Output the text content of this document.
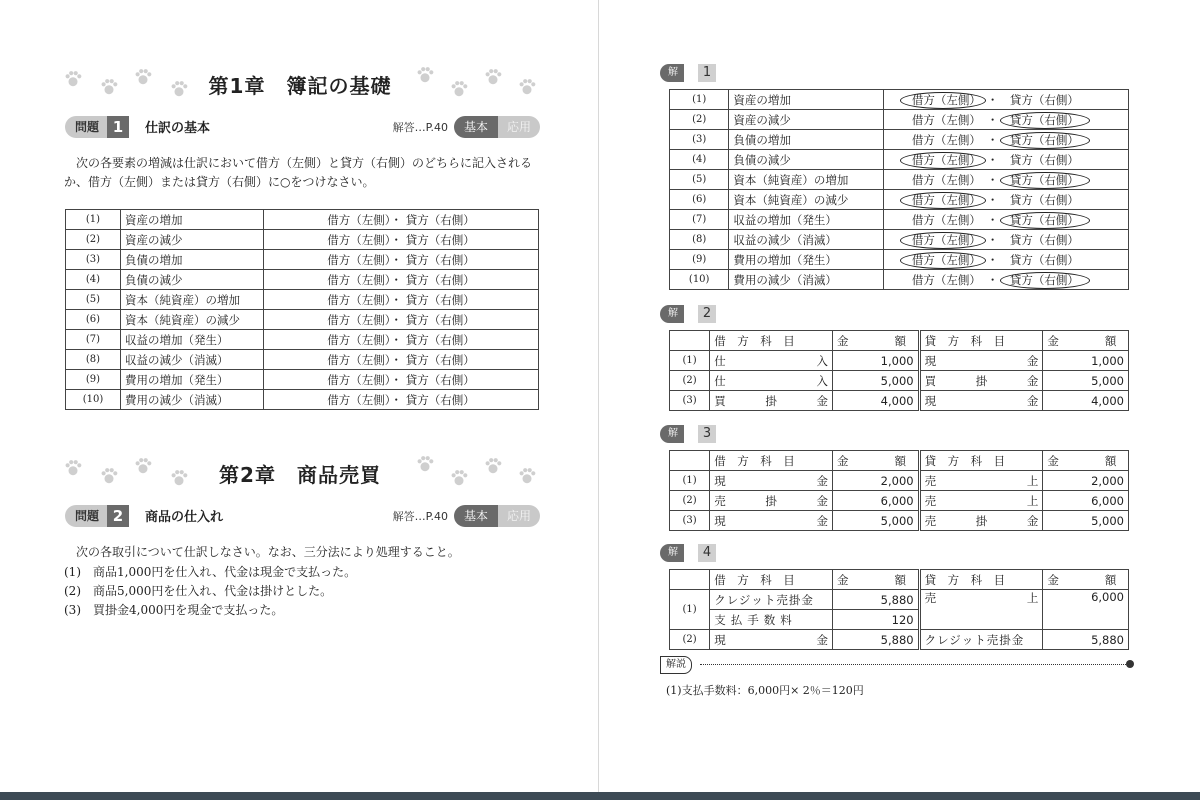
第1章　簿記の基礎
問題 1	仕訳の基本	解答…P.40	基本	応用
次の各要素の増減は仕訳において借方（左側）と貸方（右側）のどちらに記入されるか、借方（左側）または貸方（右側）に○をつけなさい。
(1)	資産の増加	借方（左側）・ 貸方（右側）
(2)	資産の減少	借方（左側）・ 貸方（右側）
(3)	負債の増加	借方（左側）・ 貸方（右側）
(4)	負債の減少	借方（左側）・ 貸方（右側）
(5)	資本（純資産）の増加	借方（左側）・ 貸方（右側）
(6)	資本（純資産）の減少	借方（左側）・ 貸方（右側）
(7)	収益の増加（発生）	借方（左側）・ 貸方（右側）
(8)	収益の減少（消滅）	借方（左側）・ 貸方（右側）
(9)	費用の増加（発生）	借方（左側）・ 貸方（右側）
(10)	費用の減少（消滅）	借方（左側）・ 貸方（右側）
第2章　商品売買
問題 2	商品の仕入れ	解答…P.40	基本	応用
次の各取引について仕訳しなさい。なお、三分法により処理すること。
(1)　商品1,000円を仕入れ、代金は現金で支払った。
(2)　商品5,000円を仕入れ、代金は掛けとした。
(3)　買掛金4,000円を現金で支払った。
解答
1
(1)	資産の増加	借方（左側） ・ 貸方（右側）

(2)	資産の減少	借方（左側） ・ 貸方（右側）

(3)	負債の増加	借方（左側） ・ 貸方（右側）

(4)	負債の減少	借方（左側） ・ 貸方（右側）

(5)	資本（純資産）の増加	借方（左側） ・ 貸方（右側）

(6)	資本（純資産）の減少	借方（左側） ・ 貸方（右側）

(7)	収益の増加（発生）	借方（左側） ・ 貸方（右側）

(8)	収益の減少（消滅）	借方（左側） ・ 貸方（右側）

(9)	費用の増加（発生）	借方（左側） ・ 貸方（右側）

(10)	費用の減少（消滅）	借方（左側） ・ 貸方（右側）
解答
2
	借　方　科　目	金　　　　額	貸　方　科　目	金　　　　額
(1)	仕 入	1,000	現 金	1,000
(2)	仕 入	5,000	買 掛 金	5,000
(3)	買 掛 金	4,000	現 金	4,000
解答
3
	借　方　科　目	金　　　　額	貸　方　科　目	金　　　　額
(1)	現 金	2,000	売 上	2,000
(2)	売 掛 金	6,000	売 上	6,000
(3)	現 金	5,000	売 掛 金	5,000
解答
4
	借　方　科　目	金　　　　額	貸　方　科　目	金　　　　額
(1)	クレジット売掛金	5,880	売 上	6,000
	支払手数料	120		
(2)	現 金	5,880	クレジット売掛金	5,880
解説
(1)支払手数料：6,000円× 2％＝120円
